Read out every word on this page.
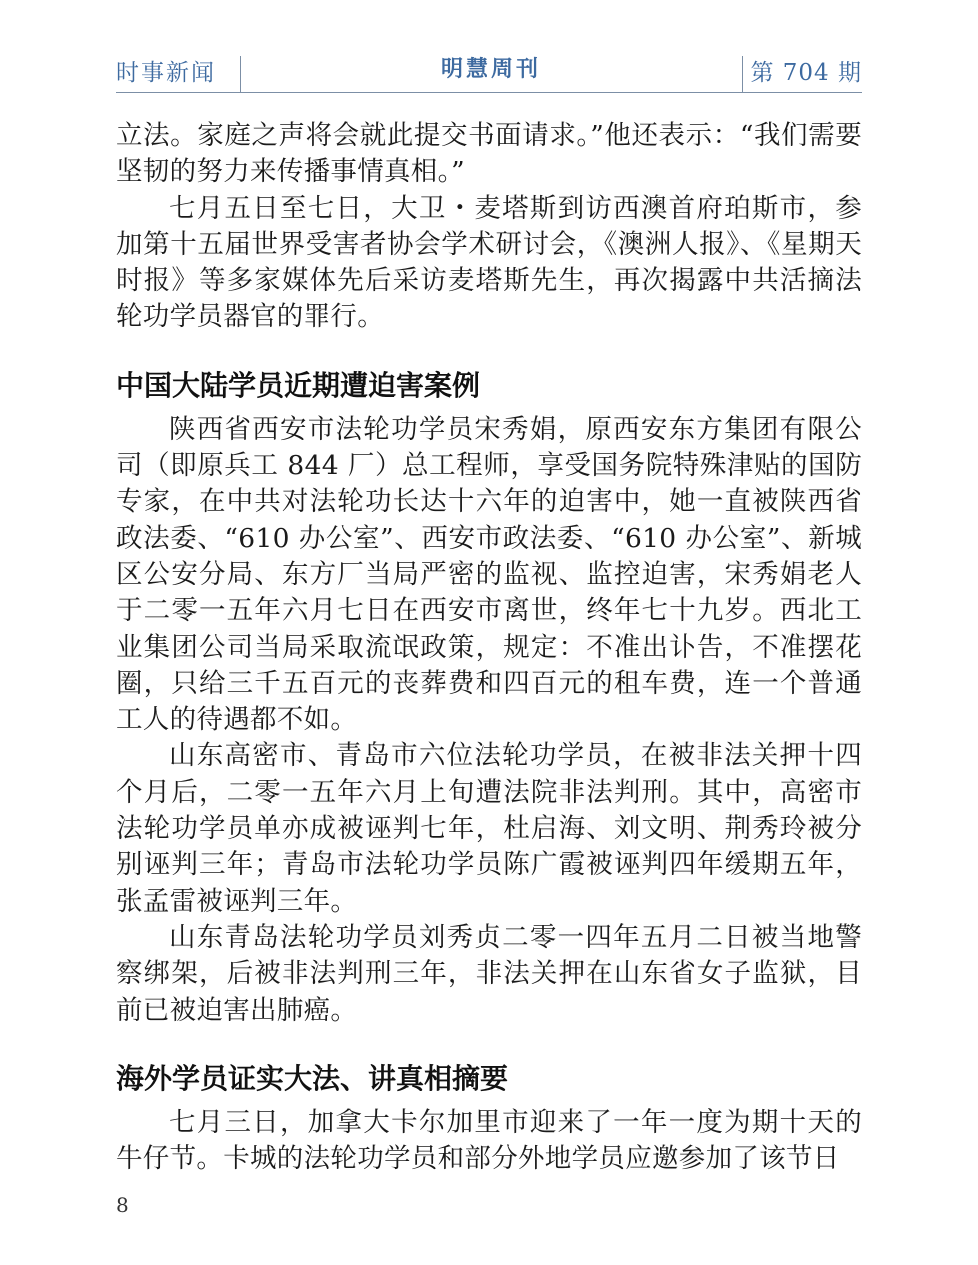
时事新闻	明慧周刊	第 704 期

立法。家庭之声将会就此提交书面请求。”他还表示：“我们需要坚韧的努力来传播事情真相。”

七月五日至七日，大卫・麦塔斯到访西澳首府珀斯市，参加第十五届世界受害者协会学术研讨会，《澳洲人报》、《星期天时报》等多家媒体先后采访麦塔斯先生，再次揭露中共活摘法轮功学员器官的罪行。

中国大陆学员近期遭迫害案例

陕西省西安市法轮功学员宋秀娟，原西安东方集团有限公司（即原兵工 844 厂）总工程师，享受国务院特殊津贴的国防专家，在中共对法轮功长达十六年的迫害中，她一直被陕西省政法委、“610 办公室”、西安市政法委、“610 办公室”、新城区公安分局、东方厂当局严密的监视、监控迫害，宋秀娟老人于二零一五年六月七日在西安市离世，终年七十九岁。西北工业集团公司当局采取流氓政策，规定：不准出讣告，不准摆花圈，只给三千五百元的丧葬费和四百元的租车费，连一个普通工人的待遇都不如。

山东高密市、青岛市六位法轮功学员，在被非法关押十四个月后，二零一五年六月上旬遭法院非法判刑。其中，高密市法轮功学员单亦成被诬判七年，杜启海、刘文明、荆秀玲被分别诬判三年；青岛市法轮功学员陈广霞被诬判四年缓期五年，张孟雷被诬判三年。

山东青岛法轮功学员刘秀贞二零一四年五月二日被当地警察绑架，后被非法判刑三年，非法关押在山东省女子监狱，目前已被迫害出肺癌。

海外学员证实大法、讲真相摘要

七月三日，加拿大卡尔加里市迎来了一年一度为期十天的牛仔节。卡城的法轮功学员和部分外地学员应邀参加了该节日

8
